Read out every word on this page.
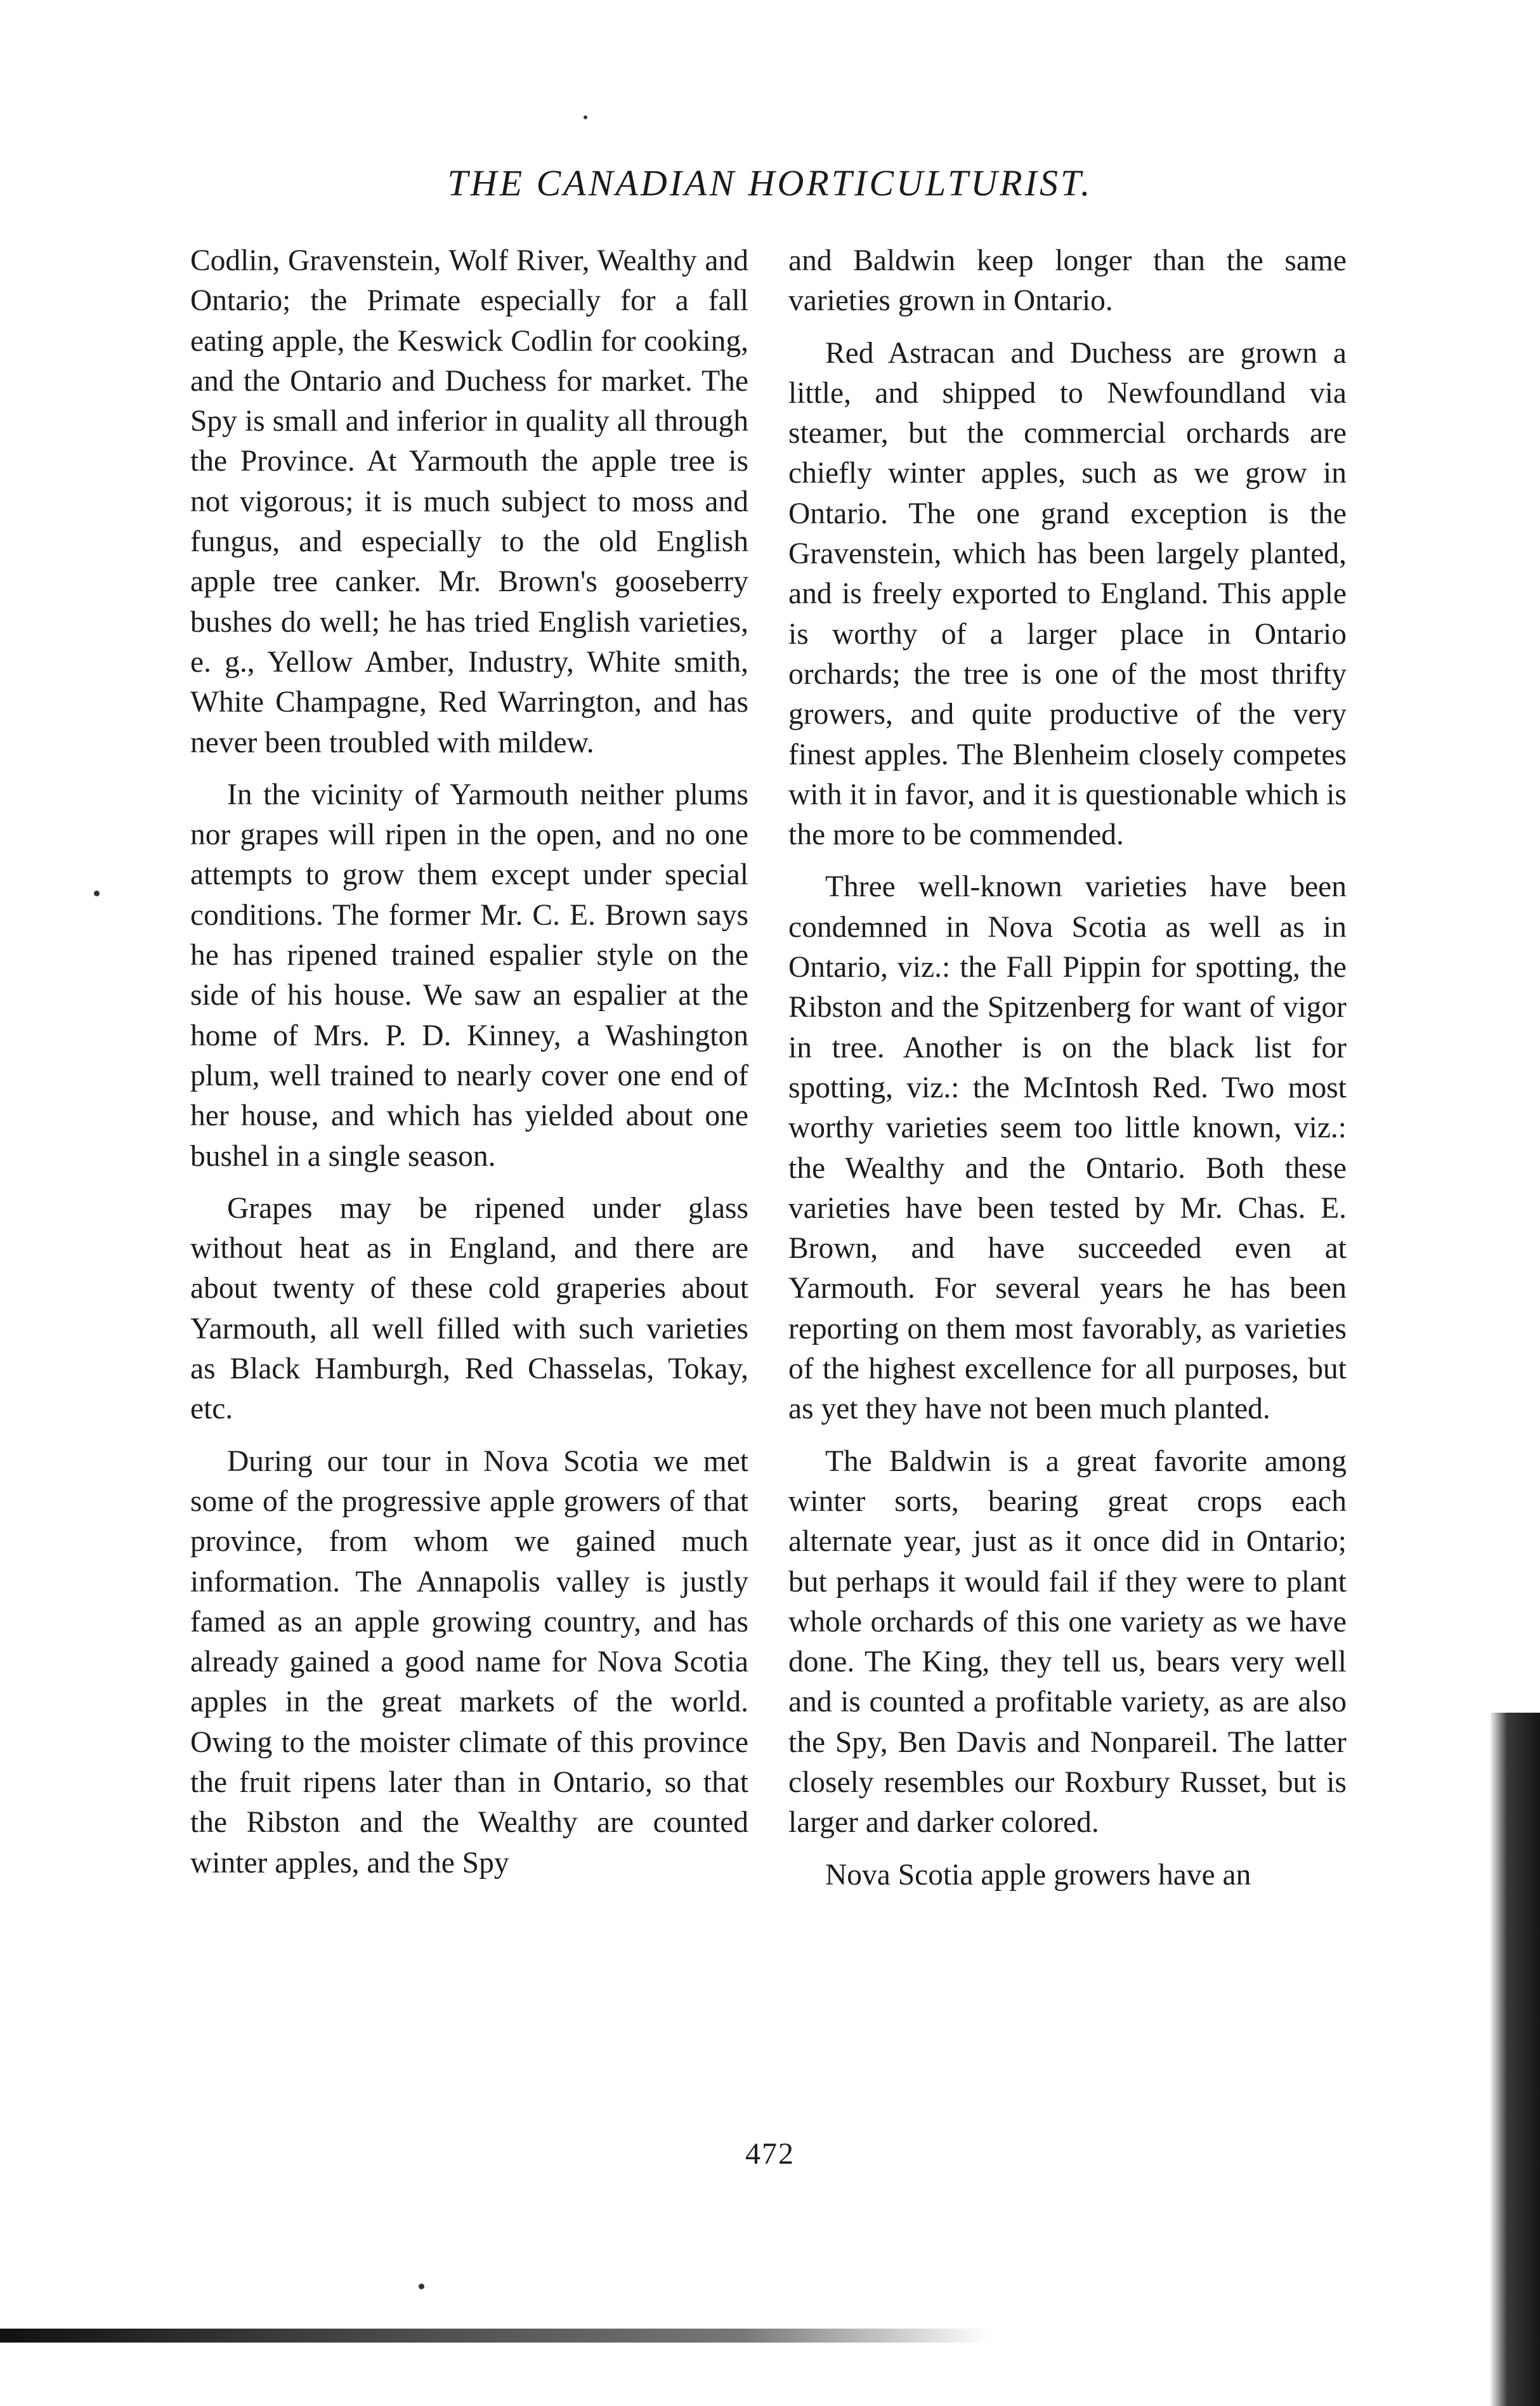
THE CANADIAN HORTICULTURIST.

Codlin, Gravenstein, Wolf River, Wealthy and Ontario; the Primate especially for a fall eating apple, the Keswick Codlin for cooking, and the Ontario and Duchess for market. The Spy is small and inferior in quality all through the Province. At Yarmouth the apple tree is not vigorous; it is much subject to moss and fungus, and especially to the old English apple tree canker. Mr. Brown's gooseberry bushes do well; he has tried English varieties, e. g., Yellow Amber, Industry, White smith, White Champagne, Red Warrington, and has never been troubled with mildew.

In the vicinity of Yarmouth neither plums nor grapes will ripen in the open, and no one attempts to grow them except under special conditions. The former Mr. C. E. Brown says he has ripened trained espalier style on the side of his house. We saw an espalier at the home of Mrs. P. D. Kinney, a Washington plum, well trained to nearly cover one end of her house, and which has yielded about one bushel in a single season.

Grapes may be ripened under glass without heat as in England, and there are about twenty of these cold graperies about Yarmouth, all well filled with such varieties as Black Hamburgh, Red Chasselas, Tokay, etc.

During our tour in Nova Scotia we met some of the progressive apple growers of that province, from whom we gained much information. The Annapolis valley is justly famed as an apple growing country, and has already gained a good name for Nova Scotia apples in the great markets of the world. Owing to the moister climate of this province the fruit ripens later than in Ontario, so that the Ribston and the Wealthy are counted winter apples, and the Spy

and Baldwin keep longer than the same varieties grown in Ontario.

Red Astracan and Duchess are grown a little, and shipped to Newfoundland via steamer, but the commercial orchards are chiefly winter apples, such as we grow in Ontario. The one grand exception is the Gravenstein, which has been largely planted, and is freely exported to England. This apple is worthy of a larger place in Ontario orchards; the tree is one of the most thrifty growers, and quite productive of the very finest apples. The Blenheim closely competes with it in favor, and it is questionable which is the more to be commended.

Three well-known varieties have been condemned in Nova Scotia as well as in Ontario, viz.: the Fall Pippin for spotting, the Ribston and the Spitzenberg for want of vigor in tree. Another is on the black list for spotting, viz.: the McIntosh Red. Two most worthy varieties seem too little known, viz.: the Wealthy and the Ontario. Both these varieties have been tested by Mr. Chas. E. Brown, and have succeeded even at Yarmouth. For several years he has been reporting on them most favorably, as varieties of the highest excellence for all purposes, but as yet they have not been much planted.

The Baldwin is a great favorite among winter sorts, bearing great crops each alternate year, just as it once did in Ontario; but perhaps it would fail if they were to plant whole orchards of this one variety as we have done. The King, they tell us, bears very well and is counted a profitable variety, as are also the Spy, Ben Davis and Nonpareil. The latter closely resembles our Roxbury Russet, but is larger and darker colored.

Nova Scotia apple growers have an

472
